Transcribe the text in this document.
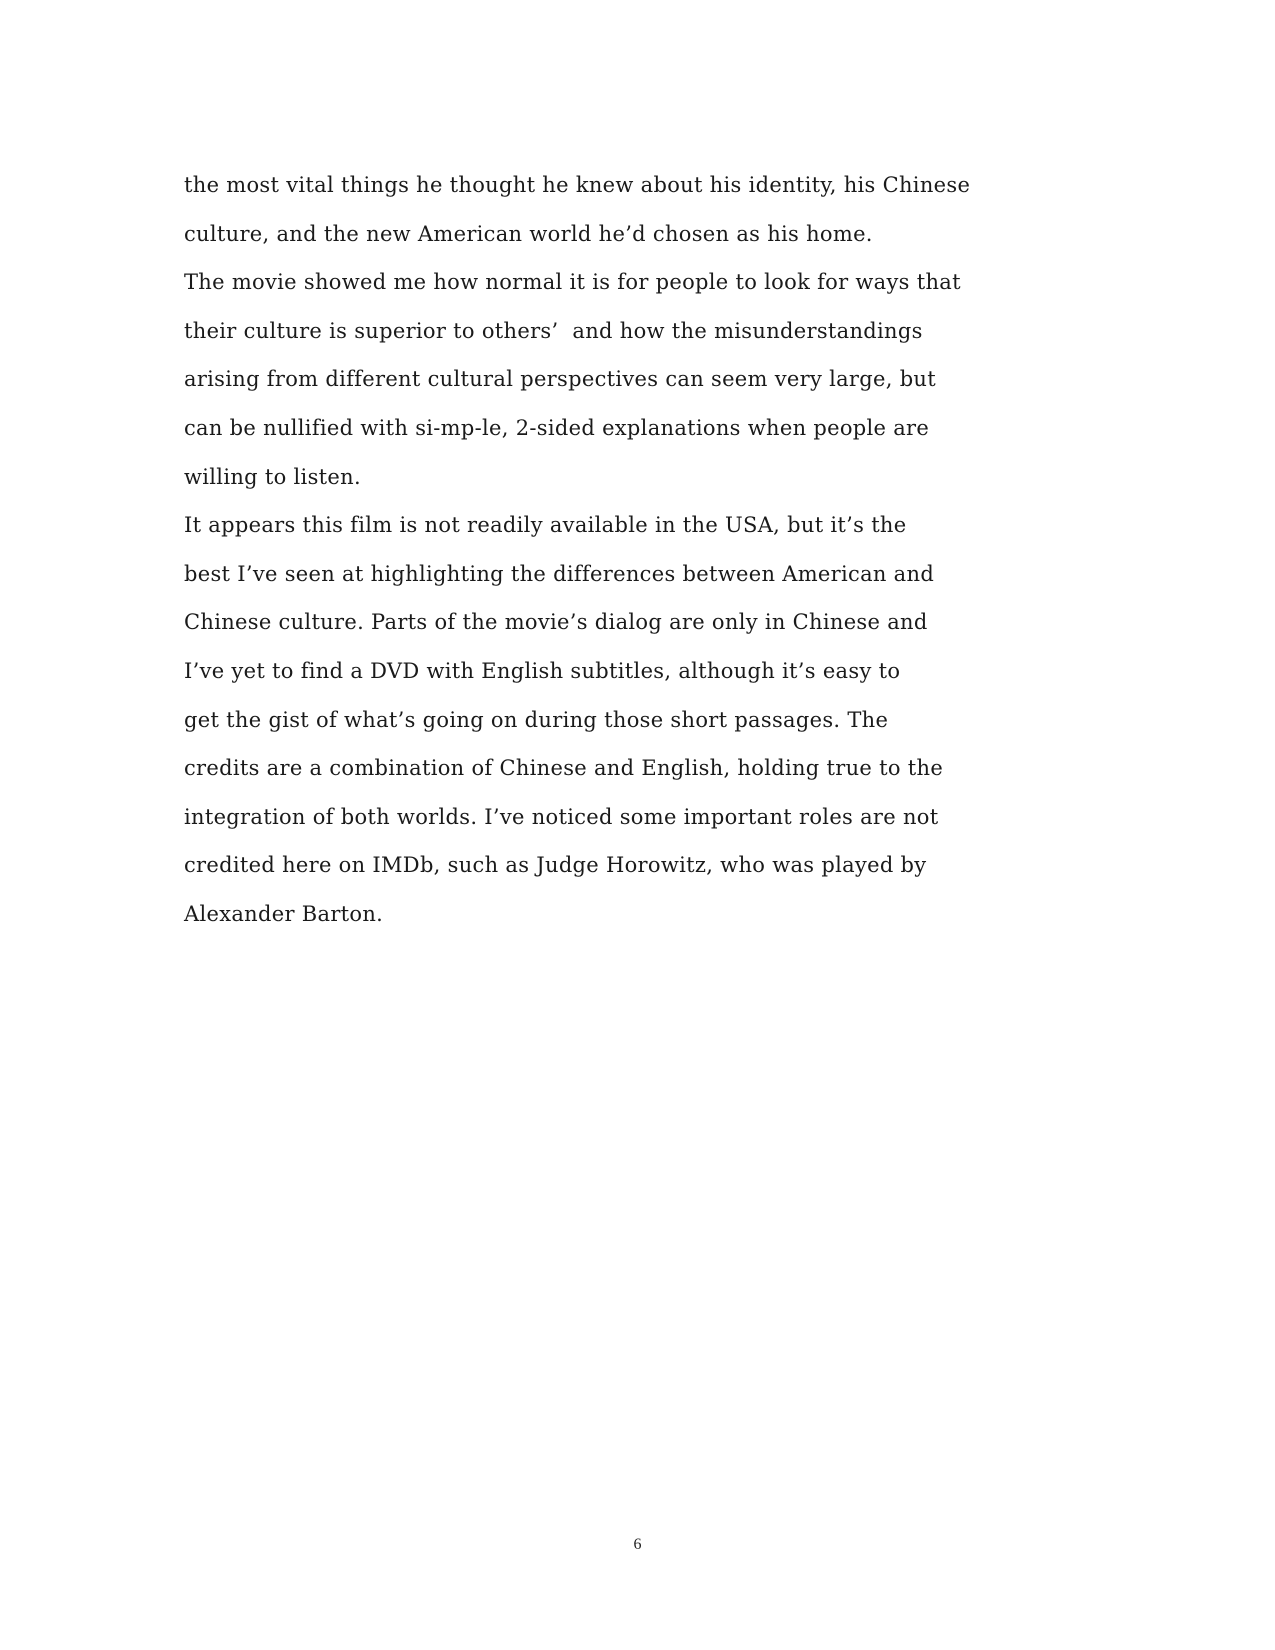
the most vital things he thought he knew about his identity, his Chinese
culture, and the new American world he’d chosen as his home.
The movie showed me how normal it is for people to look for ways that
their culture is superior to others’  and how the misunderstandings
arising from different cultural perspectives can seem very large, but
can be nullified with si-mp-le, 2-sided explanations when people are
willing to listen.
It appears this film is not readily available in the USA, but it’s the
best I’ve seen at highlighting the differences between American and
Chinese culture. Parts of the movie’s dialog are only in Chinese and
I’ve yet to find a DVD with English subtitles, although it’s easy to
get the gist of what’s going on during those short passages. The
credits are a combination of Chinese and English, holding true to the
integration of both worlds. I’ve noticed some important roles are not
credited here on IMDb, such as Judge Horowitz, who was played by
Alexander Barton.
6
